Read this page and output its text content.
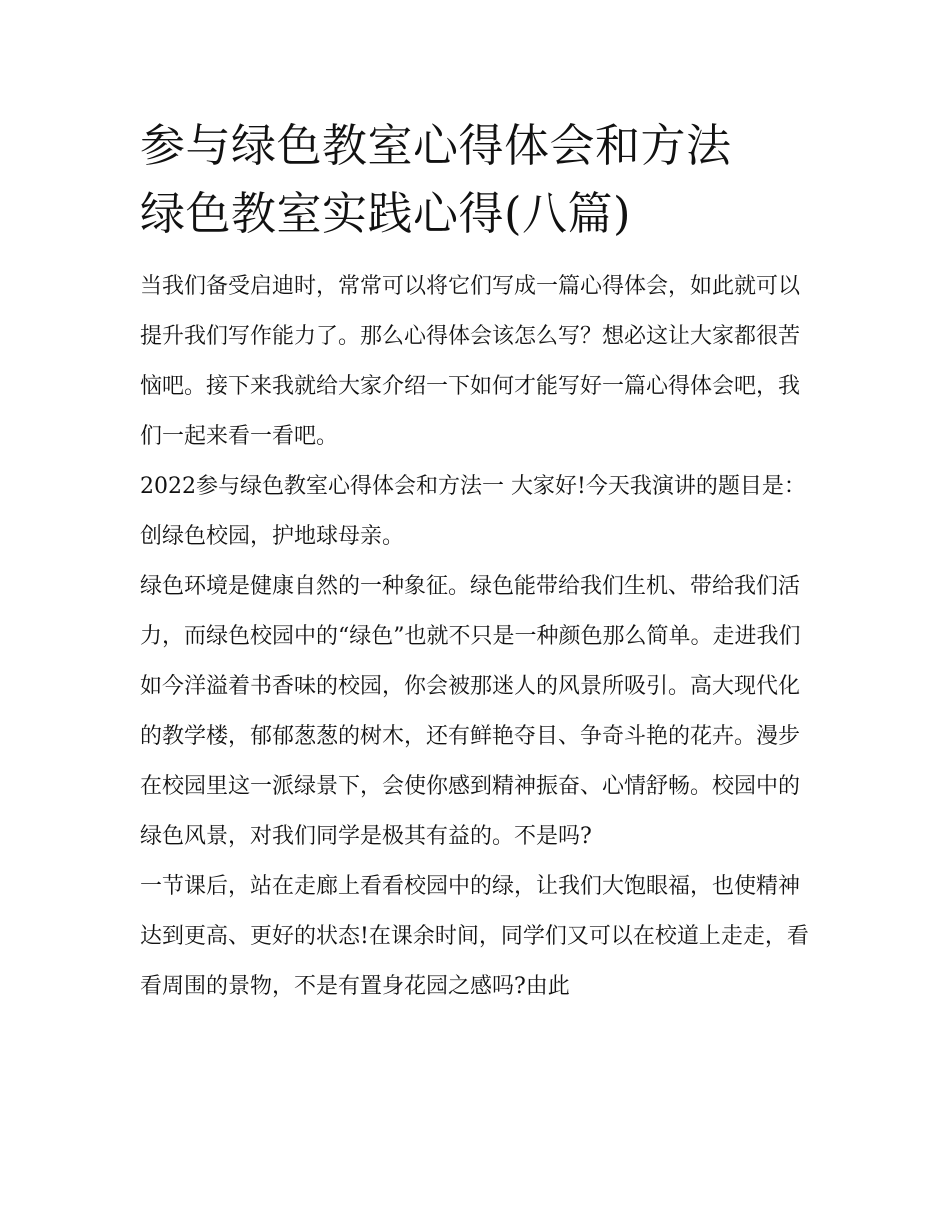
参与绿色教室心得体会和方法
绿色教室实践心得(八篇)

当我们备受启迪时，常常可以将它们写成一篇心得体会，如此就可以提升我们写作能力了。那么心得体会该怎么写？想必这让大家都很苦恼吧。接下来我就给大家介绍一下如何才能写好一篇心得体会吧，我们一起来看一看吧。

2022参与绿色教室心得体会和方法一 大家好!今天我演讲的题目是：创绿色校园，护地球母亲。

绿色环境是健康自然的一种象征。绿色能带给我们生机、带给我们活力，而绿色校园中的“绿色”也就不只是一种颜色那么简单。走进我们如今洋溢着书香味的校园，你会被那迷人的风景所吸引。高大现代化的教学楼，郁郁葱葱的树木，还有鲜艳夺目、争奇斗艳的花卉。漫步在校园里这一派绿景下，会使你感到精神振奋、心情舒畅。校园中的绿色风景，对我们同学是极其有益的。不是吗?

一节课后，站在走廊上看看校园中的绿，让我们大饱眼福，也使精神达到更高、更好的状态!在课余时间，同学们又可以在校道上走走，看看周围的景物，不是有置身花园之感吗?由此
